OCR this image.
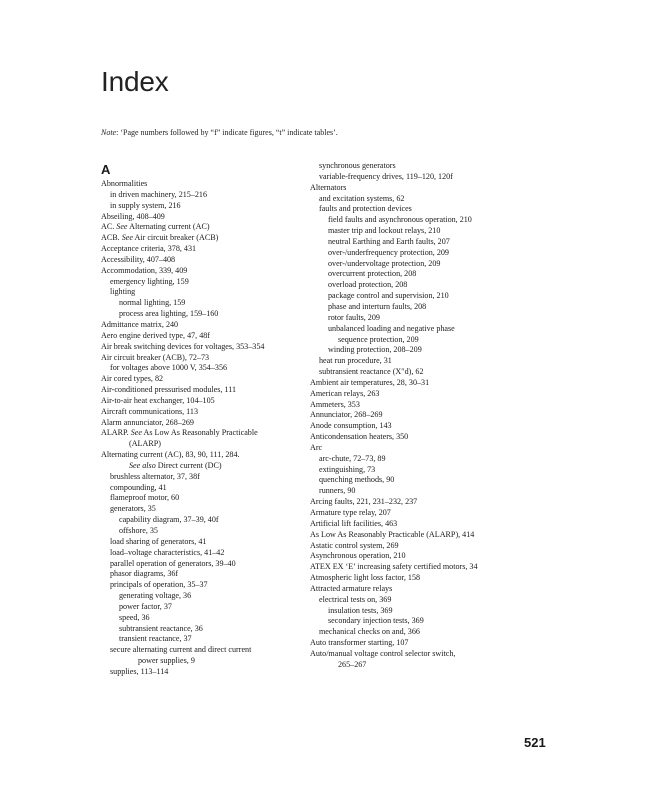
Index
Note: ‘Page numbers followed by “f” indicate figures, “t” indicate tables’.
A
Abnormalities
in driven machinery, 215–216
in supply system, 216
Abseiling, 408–409
AC. See Alternating current (AC)
ACB. See Air circuit breaker (ACB)
Acceptance criteria, 378, 431
Accessibility, 407–408
Accommodation, 339, 409
emergency lighting, 159
lighting
normal lighting, 159
process area lighting, 159–160
Admittance matrix, 240
Aero engine derived type, 47, 48f
Air break switching devices for voltages, 353–354
Air circuit breaker (ACB), 72–73
for voltages above 1000 V, 354–356
Air cored types, 82
Air-conditioned pressurised modules, 111
Air-to-air heat exchanger, 104–105
Aircraft communications, 113
Alarm annunciator, 268–269
ALARP. See As Low As Reasonably Practicable
(ALARP)
Alternating current (AC), 83, 90, 111, 284.
See also Direct current (DC)
brushless alternator, 37, 38f
compounding, 41
flameproof motor, 60
generators, 35
capability diagram, 37–39, 40f
offshore, 35
load sharing of generators, 41
load–voltage characteristics, 41–42
parallel operation of generators, 39–40
phasor diagrams, 36f
principals of operation, 35–37
generating voltage, 36
power factor, 37
speed, 36
subtransient reactance, 36
transient reactance, 37
secure alternating current and direct current
power supplies, 9
supplies, 113–114
synchronous generators
variable-frequency drives, 119–120, 120f
Alternators
and excitation systems, 62
faults and protection devices
field faults and asynchronous operation, 210
master trip and lockout relays, 210
neutral Earthing and Earth faults, 207
over-/underfrequency protection, 209
over-/undervoltage protection, 209
overcurrent protection, 208
overload protection, 208
package control and supervision, 210
phase and interturn faults, 208
rotor faults, 209
unbalanced loading and negative phase
sequence protection, 209
winding protection, 208–209
heat run procedure, 31
subtransient reactance (X″d), 62
Ambient air temperatures, 28, 30–31
American relays, 263
Ammeters, 353
Annunciator, 268–269
Anode consumption, 143
Anticondensation heaters, 350
Arc
arc-chute, 72–73, 89
extinguishing, 73
quenching methods, 90
runners, 90
Arcing faults, 221, 231–232, 237
Armature type relay, 207
Artificial lift facilities, 463
As Low As Reasonably Practicable (ALARP), 414
Astatic control system, 269
Asynchronous operation, 210
ATEX EX ‘E’ increasing safety certified motors, 34
Atmospheric light loss factor, 158
Attracted armature relays
electrical tests on, 369
insulation tests, 369
secondary injection tests, 369
mechanical checks on and, 366
Auto transformer starting, 107
Auto/manual voltage control selector switch,
265–267
521
